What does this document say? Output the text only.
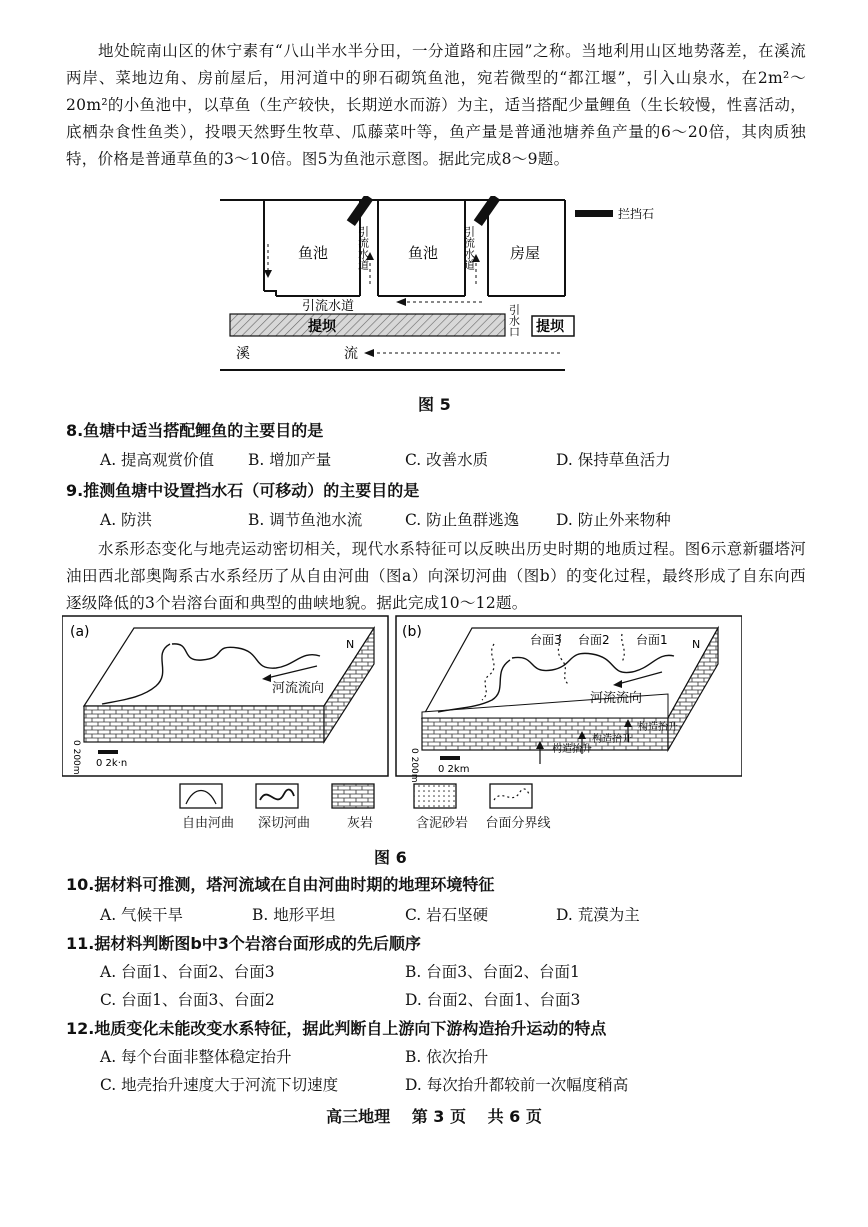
地处皖南山区的休宁素有“八山半水半分田，一分道路和庄园”之称。当地利用山区地势落差，在溪流两岸、菜地边角、房前屋后，用河道中的卵石砌筑鱼池，宛若微型的“都江堰”，引入山泉水，在2m²～20m²的小鱼池中，以草鱼（生产较快，长期逆水而游）为主，适当搭配少量鲤鱼（生长较慢，性喜活动，底栖杂食性鱼类），投喂天然野生牧草、瓜藤菜叶等，鱼产量是普通池塘养鱼产量的6～20倍，其肉质独特，价格是普通草鱼的3～10倍。图5为鱼池示意图。据此完成8～9题。
鱼池	鱼池	房屋
引流水道	引流水道
引流水道
提坝	提坝
引水口
溪	流
拦挡石
图 5
8.鱼塘中适当搭配鲤鱼的主要目的是
A. 提高观赏价值 B. 增加产量	C. 改善水质	D. 保持草鱼活力
9.推测鱼塘中设置挡水石（可移动）的主要目的是
A. 防洪	B. 调节鱼池水流	C. 防止鱼群逃逸 D. 防止外来物种
水系形态变化与地壳运动密切相关，现代水系特征可以反映出历史时期的地质过程。图6示意新疆塔河油田西北部奥陶系古水系经历了从自由河曲（图a）向深切河曲（图b）的变化过程，最终形成了自东向西逐级降低的3个岩溶台面和典型的曲峡地貌。据此完成10～12题。
(a)	(b)
河流流向
N
0 200m 0 2k·n
河流流向
台面3 台面2 台面1 N
构造抬升
构造抬升
构造抬升
0 200m 0 2km
自由河曲	深切河曲	灰岩	含泥砂岩	台面分界线
图 6
10.据材料可推测，塔河流域在自由河曲时期的地理环境特征
A. 气候干旱	B. 地形平坦	C. 岩石坚硬	D. 荒漠为主
11.据材料判断图b中3个岩溶台面形成的先后顺序
A. 台面1、台面2、台面3	B. 台面3、台面2、台面1
C. 台面1、台面3、台面2	D. 台面2、台面1、台面3
12.地质变化未能改变水系特征，据此判断自上游向下游构造抬升运动的特点
A. 每个台面非整体稳定抬升	B. 依次抬升
C. 地壳抬升速度大于河流下切速度	D. 每次抬升都较前一次幅度稍高
高三地理 第 3 页 共 6 页
